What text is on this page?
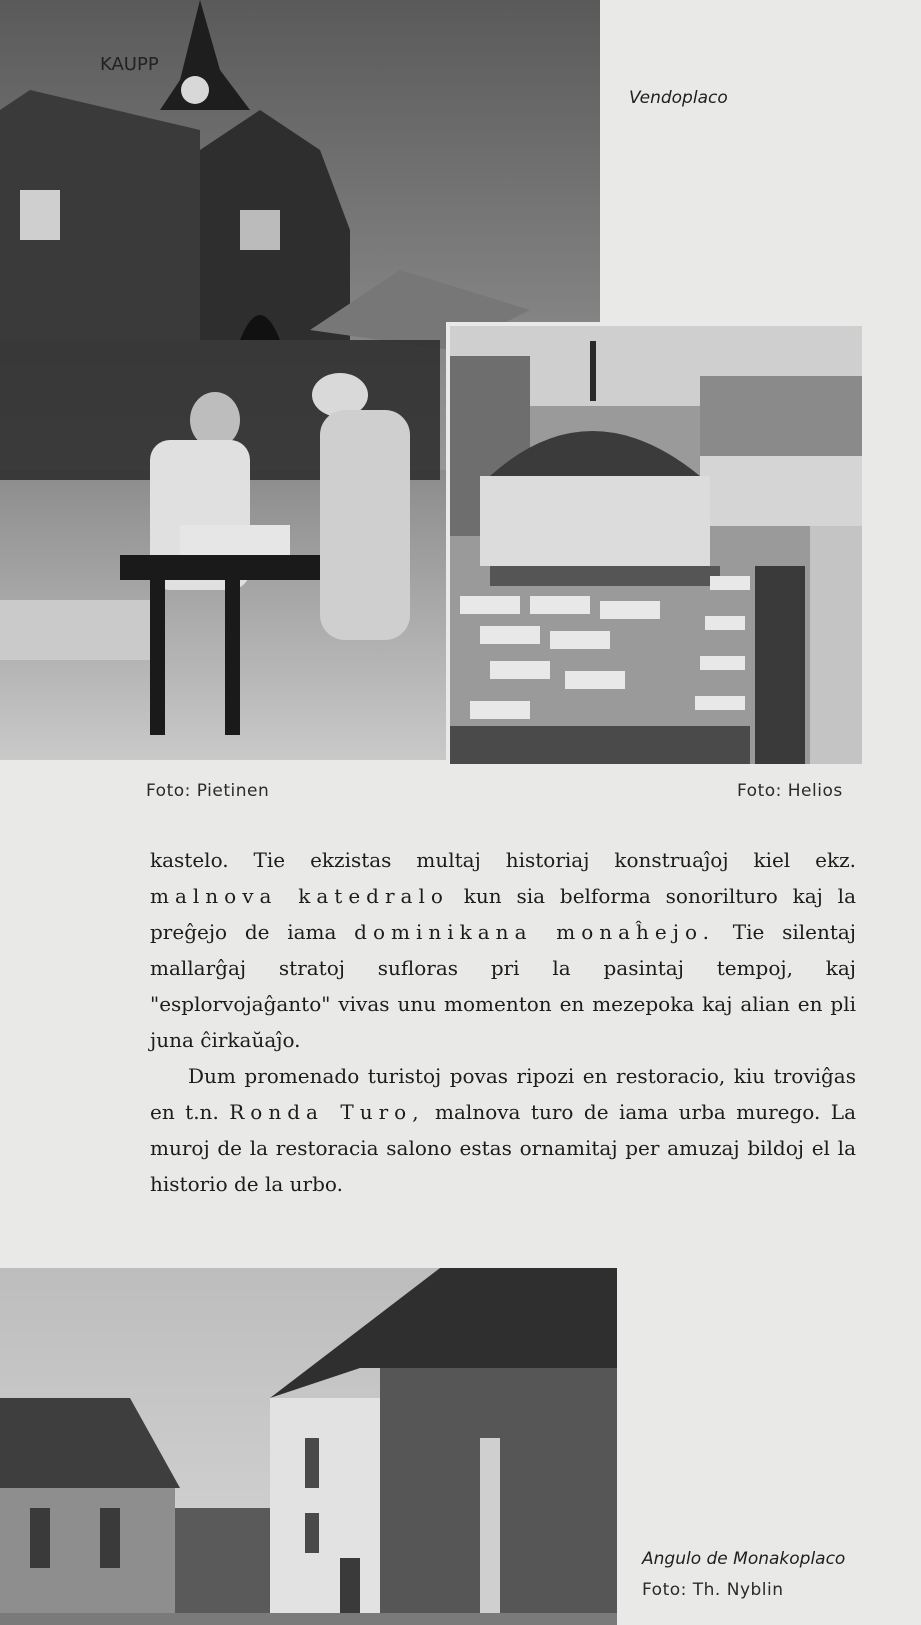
KAUPP
Vendoplaco
Foto: Pietinen	Foto: Helios

kastelo. Tie ekzistas multaj historiaj konstruaĵoj kiel ekz. malnova katedralo kun sia belforma sonorilturo kaj la preĝejo de iama dominikana monaĥejo. Tie silentaj mallarĝaj stratoj sufloras pri la pasintaj tempoj, kaj "esplorvojaĝanto" vivas unu momenton en mezepoka kaj alian en pli juna ĉirkaŭaĵo.

Dum promenado turistoj povas ripozi en restoracio, kiu troviĝas en t.n. Ronda Turo, malnova turo de iama urba murego. La muroj de la restoracia salono estas ornamitaj per amuzaj bildoj el la historio de la urbo.

Angulo de Monakoplaco
Foto: Th. Nyblin
